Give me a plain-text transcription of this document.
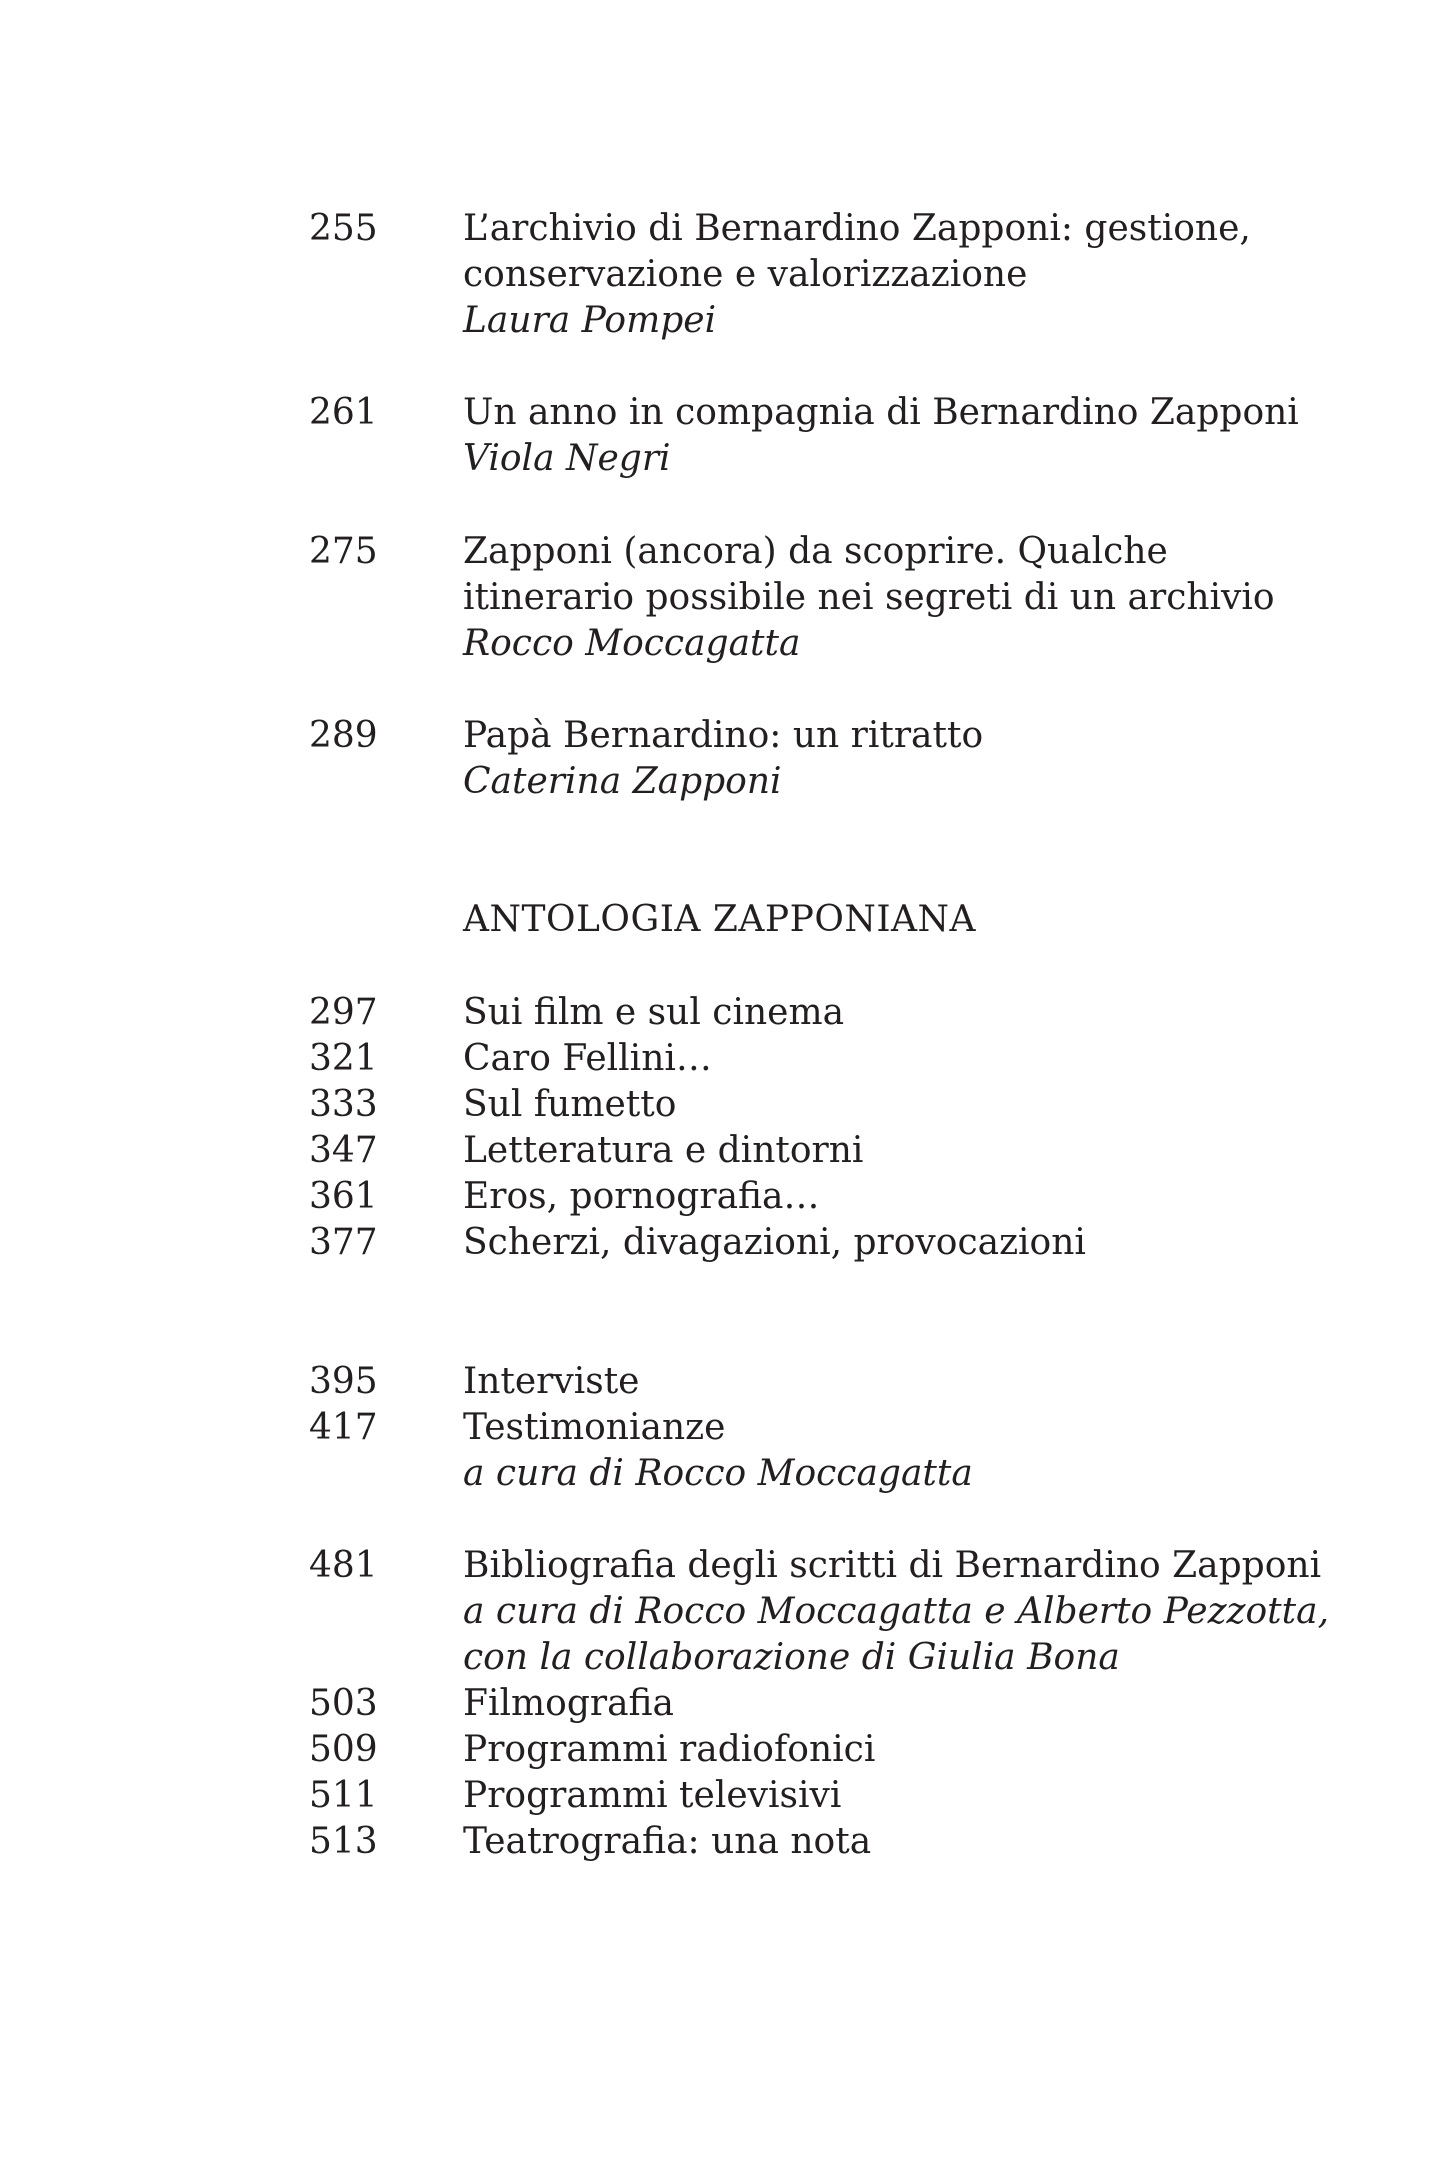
255 L’archivio di Bernardino Zapponi: gestione,
conservazione e valorizzazione
Laura Pompei
261 Un anno in compagnia di Bernardino Zapponi
Viola Negri
275 Zapponi (ancora) da scoprire. Qualche
itinerario possibile nei segreti di un archivio
Rocco Moccagatta
289 Papà Bernardino: un ritratto
Caterina Zapponi
ANTOLOGIA ZAPPONIANA
297 Sui film e sul cinema
321 Caro Fellini…
333 Sul fumetto
347 Letteratura e dintorni
361 Eros, pornografia…
377 Scherzi, divagazioni, provocazioni
395 Interviste
417 Testimonianze
a cura di Rocco Moccagatta
481 Bibliografia degli scritti di Bernardino Zapponi
a cura di Rocco Moccagatta e Alberto Pezzotta,
con la collaborazione di Giulia Bona
503 Filmografia
509 Programmi radiofonici
511 Programmi televisivi
513 Teatrografia: una nota
